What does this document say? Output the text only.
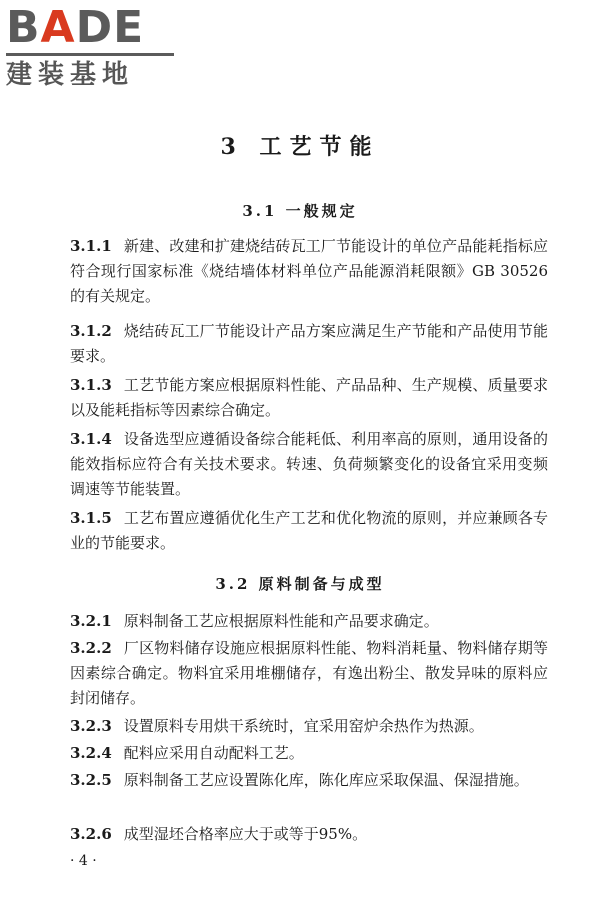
BADE
建装基地
3 工艺节能
3.1 一般规定
3.1.1 新建、改建和扩建烧结砖瓦工厂节能设计的单位产品能耗指标应符合现行国家标准《烧结墙体材料单位产品能源消耗限额》GB 30526的有关规定。
3.1.2 烧结砖瓦工厂节能设计产品方案应满足生产节能和产品使用节能要求。
3.1.3 工艺节能方案应根据原料性能、产品品种、生产规模、质量要求以及能耗指标等因素综合确定。
3.1.4 设备选型应遵循设备综合能耗低、利用率高的原则，通用设备的能效指标应符合有关技术要求。转速、负荷频繁变化的设备宜采用变频调速等节能装置。
3.1.5 工艺布置应遵循优化生产工艺和优化物流的原则，并应兼顾各专业的节能要求。
3.2 原料制备与成型
3.2.1 原料制备工艺应根据原料性能和产品要求确定。
3.2.2 厂区物料储存设施应根据原料性能、物料消耗量、物料储存期等因素综合确定。物料宜采用堆棚储存，有逸出粉尘、散发异味的原料应封闭储存。
3.2.3 设置原料专用烘干系统时，宜采用窑炉余热作为热源。
3.2.4 配料应采用自动配料工艺。
3.2.5 原料制备工艺应设置陈化库，陈化库应采取保温、保湿措施。
3.2.6 成型湿坯合格率应大于或等于95%。
· 4 ·
